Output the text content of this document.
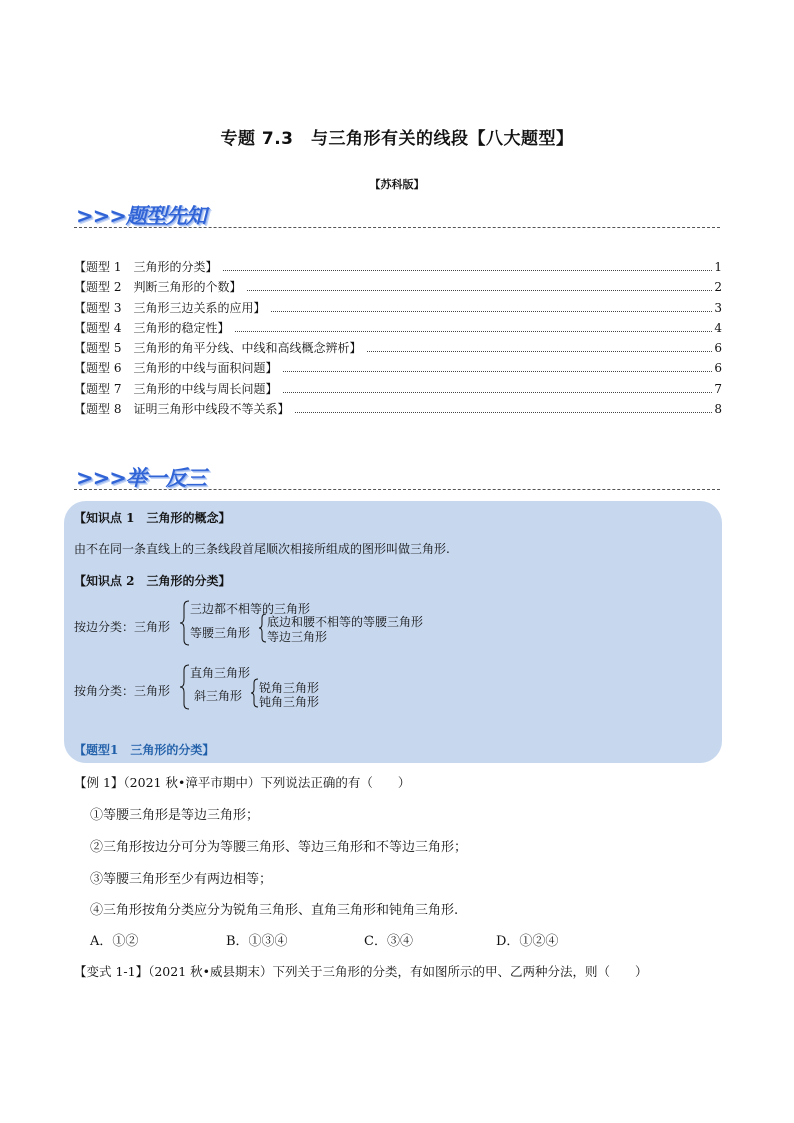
专题 7.3　与三角形有关的线段【八大题型】
【苏科版】
>>>题型先知
【题型 1　三角形的分类】	1
【题型 2　判断三角形的个数】	2
【题型 3　三角形三边关系的应用】	3
【题型 4　三角形的稳定性】	4
【题型 5　三角形的角平分线、中线和高线概念辨析】	6
【题型 6　三角形的中线与面积问题】	6
【题型 7　三角形的中线与周长问题】	7
【题型 8　证明三角形中线段不等关系】	8
>>>举一反三
【知识点 1　三角形的概念】
由不在同一条直线上的三条线段首尾顺次相接所组成的图形叫做三角形.
【知识点 2　三角形的分类】
按边分类：三角形
三边都不相等的三角形
等腰三角形
底边和腰不相等的等腰三角形
等边三角形
按角分类：三角形
直角三角形
斜三角形
锐角三角形
钝角三角形
【题型1　三角形的分类】
【例 1】（2021 秋•漳平市期中）下列说法正确的有（　　）
①等腰三角形是等边三角形；
②三角形按边分可分为等腰三角形、等边三角形和不等边三角形；
③等腰三角形至少有两边相等；
④三角形按角分类应分为锐角三角形、直角三角形和钝角三角形.
A．①②	B．①③④	C．③④	D．①②④
【变式 1-1】（2021 秋•威县期末）下列关于三角形的分类，有如图所示的甲、乙两种分法，则（　　）
